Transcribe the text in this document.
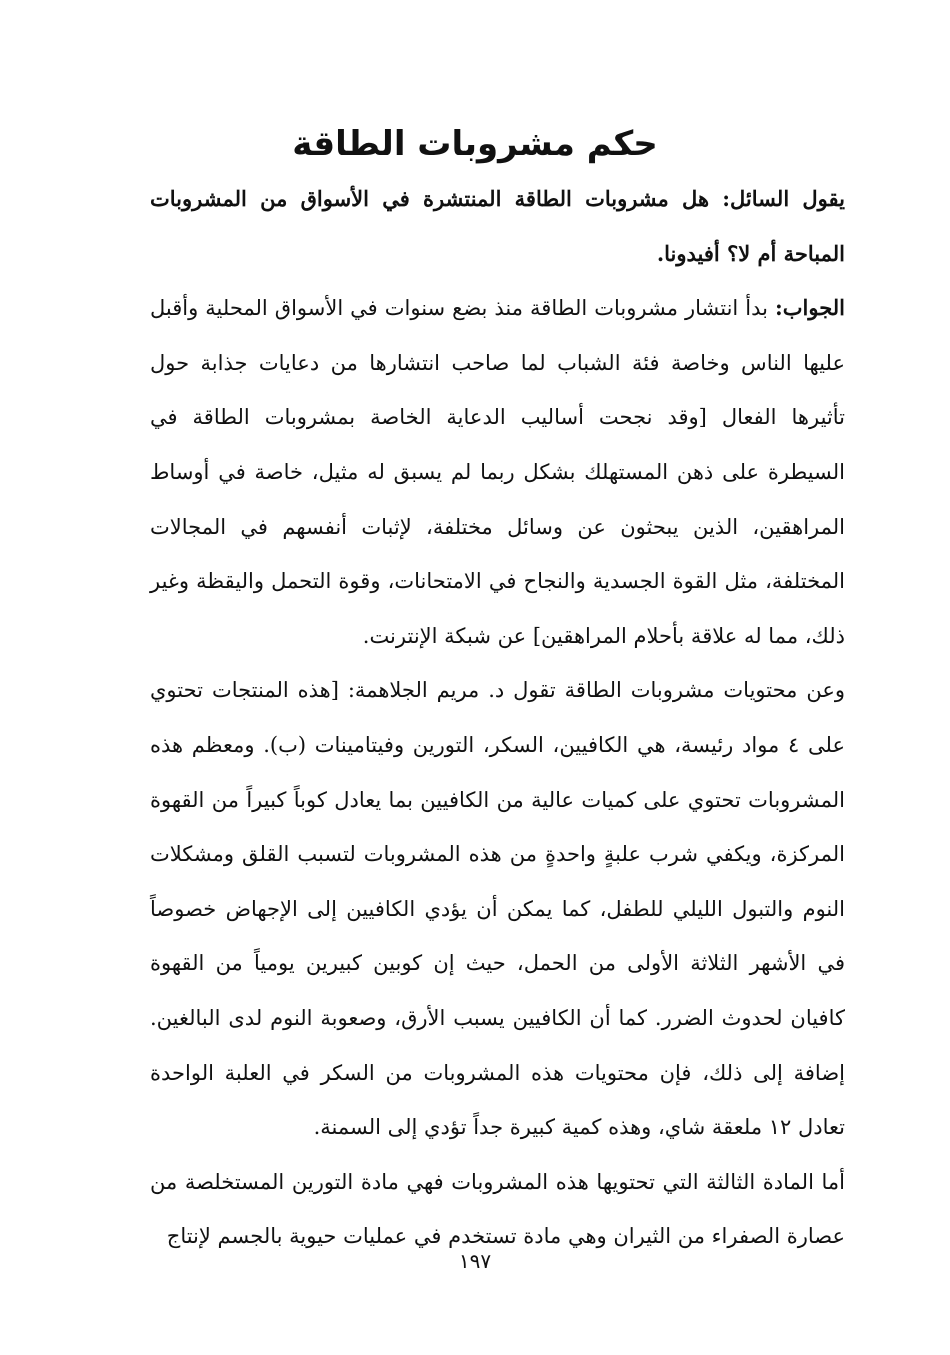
حكم مشروبات الطاقة

يقول السائل: هل مشروبات الطاقة المنتشرة في الأسواق من المشروبات المباحة أم لا؟ أفيدونا.

الجواب: بدأ انتشار مشروبات الطاقة منذ بضع سنوات في الأسواق المحلية وأقبل عليها الناس وخاصة فئة الشباب لما صاحب انتشارها من دعايات جذابة حول تأثيرها الفعال [وقد نجحت أساليب الدعاية الخاصة بمشروبات الطاقة في السيطرة على ذهن المستهلك بشكل ربما لم يسبق له مثيل، خاصة في أوساط المراهقين، الذين يبحثون عن وسائل مختلفة، لإثبات أنفسهم في المجالات المختلفة، مثل القوة الجسدية والنجاح في الامتحانات، وقوة التحمل واليقظة وغير ذلك، مما له علاقة بأحلام المراهقين] عن شبكة الإنترنت.

وعن محتويات مشروبات الطاقة تقول د. مريم الجلاهمة: [هذه المنتجات تحتوي على ٤ مواد رئيسة، هي الكافيين، السكر، التورين وفيتامينات (ب). ومعظم هذه المشروبات تحتوي على كميات عالية من الكافيين بما يعادل كوباً كبيراً من القهوة المركزة، ويكفي شرب علبةٍ واحدةٍ من هذه المشروبات لتسبب القلق ومشكلات النوم والتبول الليلي للطفل، كما يمكن أن يؤدي الكافيين إلى الإجهاض خصوصاً في الأشهر الثلاثة الأولى من الحمل، حيث إن كوبين كبيرين يومياً من القهوة كافيان لحدوث الضرر. كما أن الكافيين يسبب الأرق، وصعوبة النوم لدى البالغين. إضافة إلى ذلك، فإن محتويات هذه المشروبات من السكر في العلبة الواحدة تعادل ١٢ ملعقة شاي، وهذه كمية كبيرة جداً تؤدي إلى السمنة.

أما المادة الثالثة التي تحتويها هذه المشروبات فهي مادة التورين المستخلصة من عصارة الصفراء من الثيران وهي مادة تستخدم في عمليات حيوية بالجسم لإنتاج

١٩٧
